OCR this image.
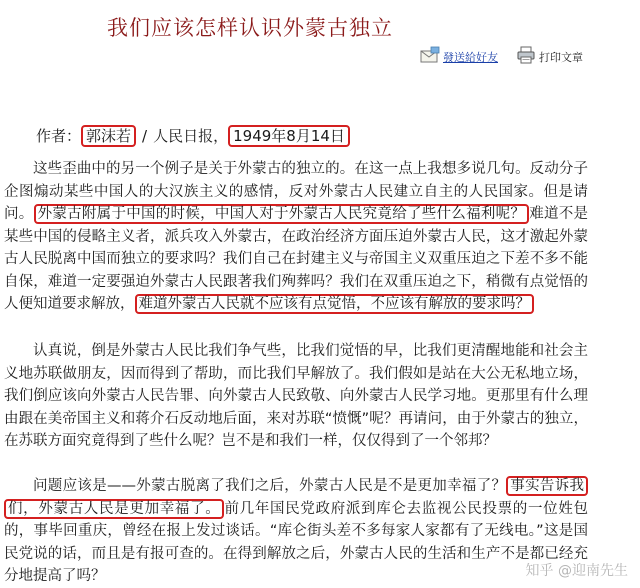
我们应该怎样认识外蒙古独立
發送給好友	打印文章
作者： 郭沫若 / 人民日报， 1949年8月14日
这些歪曲中的另一个例子是关于外蒙古的独立的。在这一点上我想多说几句。反动分子企图煽动某些中国人的大汉族主义的感情，反对外蒙古人民建立自主的人民国家。但是请问。 外蒙古附属于中国的时候，中国人对于外蒙古人民究竟给了些什么福利呢？ 难道不是某些中国的侵略主义者，派兵攻入外蒙古，在政治经济方面压迫外蒙古人民，这才激起外蒙古人民脱离中国而独立的要求吗？我们自己在封建主义与帝国主义双重压迫之下差不多不能自保，难道一定要强迫外蒙古人民跟著我们殉葬吗？我们在双重压迫之下，稍微有点觉悟的人便知道要求解放， 难道外蒙古人民就不应该有点觉悟，不应该有解放的要求吗？
认真说，倒是外蒙古人民比我们争气些，比我们觉悟的早，比我们更清醒地能和社会主义地苏联做朋友，因而得到了帮助，而比我们早解放了。我们假如是站在大公无私地立场，我们倒应该向外蒙古人民告罪、向外蒙古人民致敬、向外蒙古人民学习地。更那里有什么理由跟在美帝国主义和蒋介石反动地后面，来对苏联“愤慨”呢？再请问，由于外蒙古的独立，在苏联方面究竟得到了些什么呢？岂不是和我们一样，仅仅得到了一个邻邦？
问题应该是——外蒙古脱离了我们之后，外蒙古人民是不是更加幸福了？ 事实告诉我们，外蒙古人民是更加幸福了。 前几年国民党政府派到库仑去监视公民投票的一位姓包的，事毕回重庆，曾经在报上发过谈话。“库仑街头差不多每家人家都有了无线电。”这是国民党说的话，而且是有报可查的。在得到解放之后，外蒙古人民的生活和生产不是都已经充分地提高了吗？	知乎 @迎南先生
